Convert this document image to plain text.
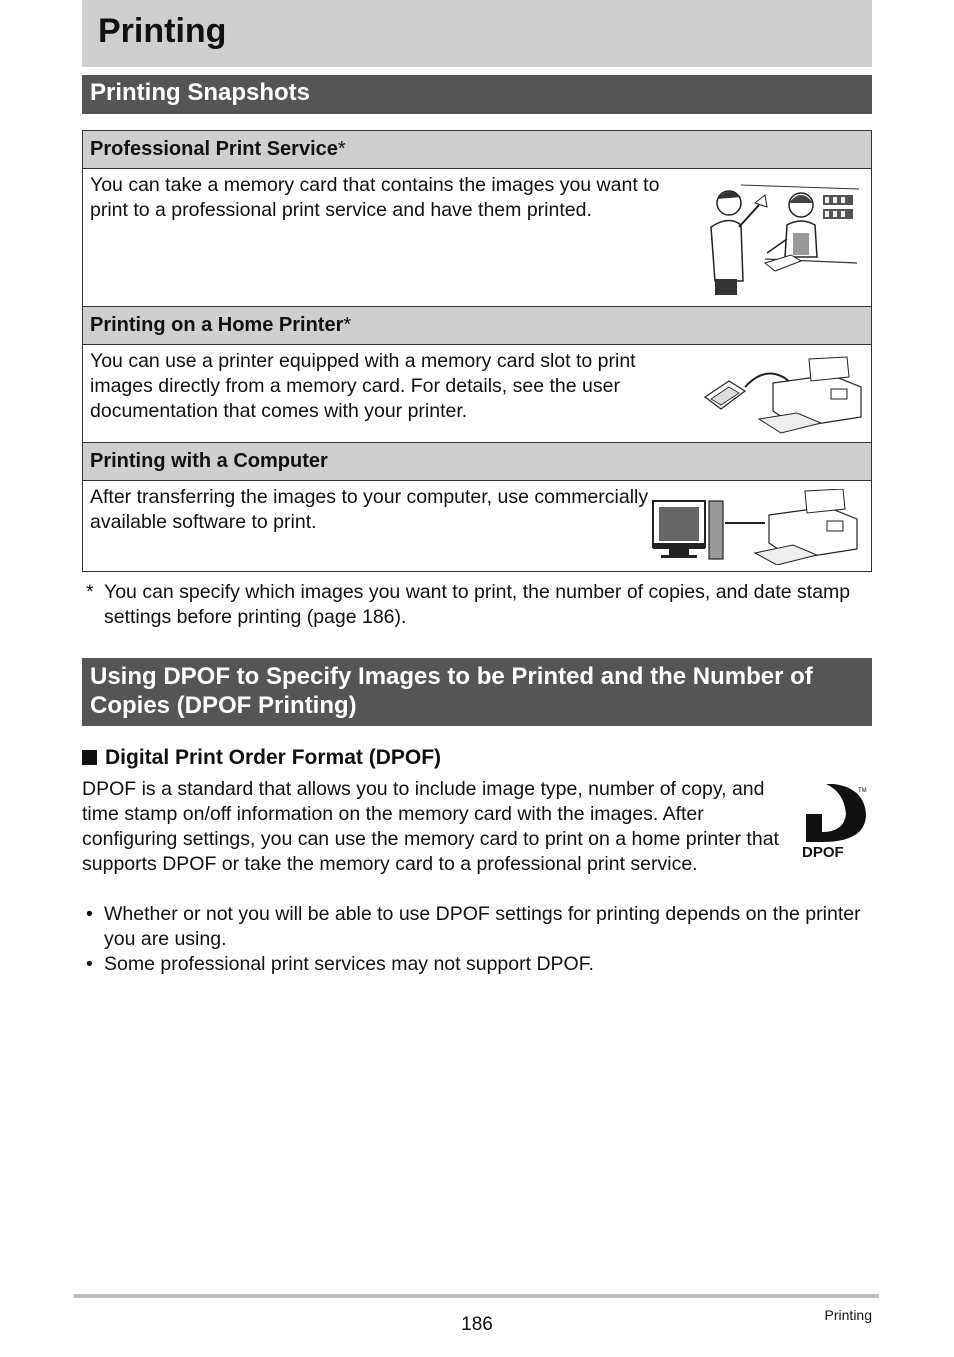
Printing
Printing Snapshots
Professional Print Service*
You can take a memory card that contains the images you want to print to a professional print service and have them printed.
Printing on a Home Printer*
You can use a printer equipped with a memory card slot to print images directly from a memory card. For details, see the user documentation that comes with your printer.
Printing with a Computer
After transferring the images to your computer, use commercially available software to print.
* You can specify which images you want to print, the number of copies, and date stamp settings before printing (page 186).
Using DPOF to Specify Images to be Printed and the Number of Copies (DPOF Printing)
Digital Print Order Format (DPOF)
DPOF is a standard that allows you to include image type, number of copy, and time stamp on/off information on the memory card with the images. After configuring settings, you can use the memory card to print on a home printer that supports DPOF or take the memory card to a professional print service.
DPOF
TM
• Whether or not you will be able to use DPOF settings for printing depends on the printer you are using.
• Some professional print services may not support DPOF.
186	Printing
